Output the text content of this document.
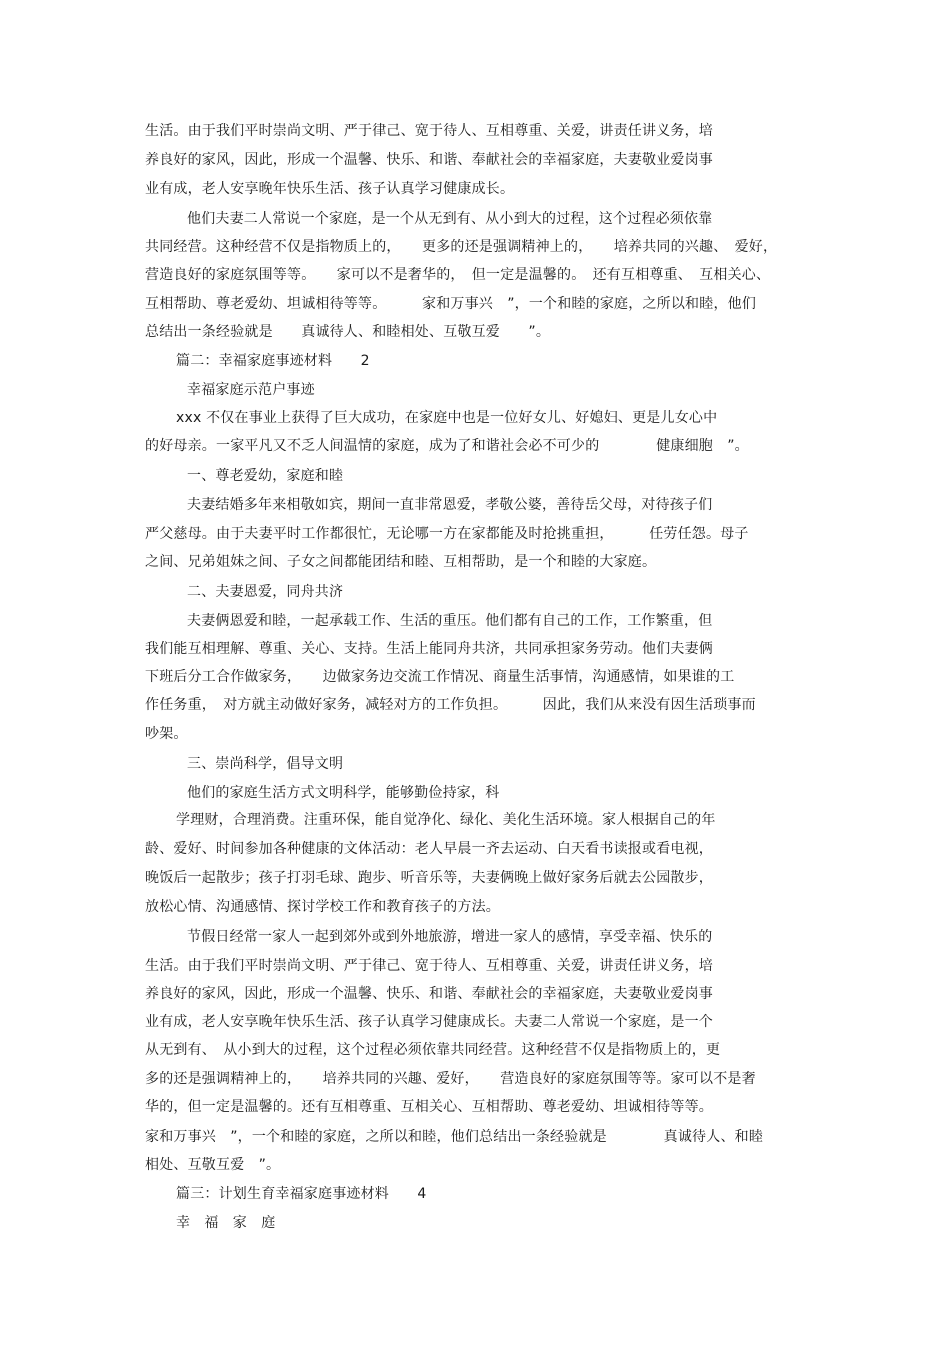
生活。由于我们平时崇尚文明、严于律己、宽于待人、互相尊重、关爱，讲责任讲义务，培
养良好的家风，因此，形成一个温馨、快乐、和谐、奉献社会的幸福家庭，夫妻敬业爱岗事
业有成，老人安享晚年快乐生活、孩子认真学习健康成长。
他们夫妻二人常说一个家庭，是一个从无到有、从小到大的过程，这个过程必须依靠
共同经营。这种经营不仅是指物质上的，　　更多的还是强调精神上的，　　培养共同的兴趣、　爱好，
营造良好的家庭氛围等等。　　家可以不是奢华的，　但一定是温馨的。　还有互相尊重、　互相关心、
互相帮助、尊老爱幼、坦诚相待等等。　　　家和万事兴　”，一个和睦的家庭，之所以和睦，他们
总结出一条经验就是　　真诚待人、和睦相处、互敬互爱　　”。
篇二：幸福家庭事迹材料　　2
幸福家庭示范户事迹
xxx 不仅在事业上获得了巨大成功，在家庭中也是一位好女儿、好媳妇、更是儿女心中
的好母亲。一家平凡又不乏人间温情的家庭，成为了和谐社会必不可少的　　　　健康细胞　”。
一、尊老爱幼，家庭和睦
夫妻结婚多年来相敬如宾，期间一直非常恩爱，孝敬公婆，善待岳父母，对待孩子们
严父慈母。由于夫妻平时工作都很忙，无论哪一方在家都能及时抢挑重担，　　　任劳任怨。母子
之间、兄弟姐妹之间、子女之间都能团结和睦、互相帮助，是一个和睦的大家庭。
二、夫妻恩爱，同舟共济
夫妻俩恩爱和睦，一起承载工作、生活的重压。他们都有自己的工作，工作繁重，但
我们能互相理解、尊重、关心、支持。生活上能同舟共济，共同承担家务劳动。他们夫妻俩
下班后分工合作做家务，　　边做家务边交流工作情况、商量生活事情，沟通感情，如果谁的工
作任务重，　对方就主动做好家务，减轻对方的工作负担。　　　因此，我们从来没有因生活琐事而
吵架。
三、崇尚科学，倡导文明
他们的家庭生活方式文明科学，能够勤俭持家，科
学理财，合理消费。注重环保，能自觉净化、绿化、美化生活环境。家人根据自己的年
龄、爱好、时间参加各种健康的文体活动：老人早晨一齐去运动、白天看书读报或看电视，
晚饭后一起散步；孩子打羽毛球、跑步、听音乐等，夫妻俩晚上做好家务后就去公园散步，
放松心情、沟通感情、探讨学校工作和教育孩子的方法。
节假日经常一家人一起到郊外或到外地旅游，增进一家人的感情，享受幸福、快乐的
生活。由于我们平时崇尚文明、严于律己、宽于待人、互相尊重、关爱，讲责任讲义务，培
养良好的家风，因此，形成一个温馨、快乐、和谐、奉献社会的幸福家庭，夫妻敬业爱岗事
业有成，老人安享晚年快乐生活、孩子认真学习健康成长。夫妻二人常说一个家庭，是一个
从无到有、　从小到大的过程，这个过程必须依靠共同经营。这种经营不仅是指物质上的，更
多的还是强调精神上的，　　培养共同的兴趣、爱好，　　营造良好的家庭氛围等等。家可以不是奢
华的，但一定是温馨的。还有互相尊重、互相关心、互相帮助、尊老爱幼、坦诚相待等等。
家和万事兴　”，一个和睦的家庭，之所以和睦，他们总结出一条经验就是　　　　真诚待人、和睦
相处、互敬互爱　”。
篇三：计划生育幸福家庭事迹材料　　4
幸　福　家　庭
